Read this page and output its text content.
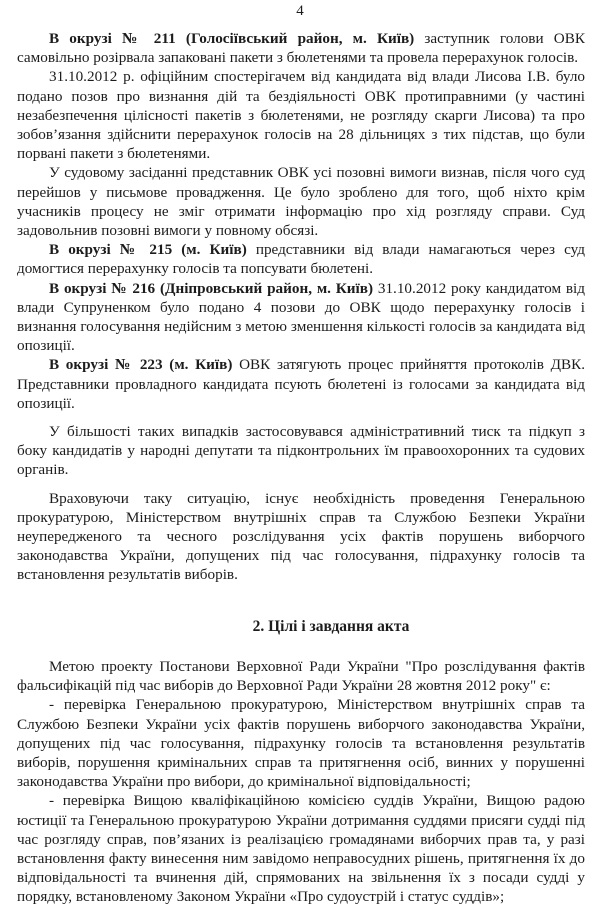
4

В окрузі № 211 (Голосіївський район, м. Київ) заступник голови ОВК самовільно розірвала запаковані пакети з бюлетенями та провела перерахунок голосів.

31.10.2012 р. офіційним спостерігачем від кандидата від влади Лисова І.В. було подано позов про визнання дій та бездіяльності ОВК протиправними (у частині незабезпечення цілісності пакетів з бюлетенями, не розгляду скарги Лисова) та про зобов’язання здійснити перерахунок голосів на 28 дільницях з тих підстав, що були порвані пакети з бюлетенями.

У судовому засіданні представник ОВК усі позовні вимоги визнав, після чого суд перейшов у письмове провадження. Це було зроблено для того, щоб ніхто крім учасників процесу не зміг отримати інформацію про хід розгляду справи. Суд задовольнив позовні вимоги у повному обсязі.

В окрузі № 215 (м. Київ) представники від влади намагаються через суд домогтися перерахунку голосів та попсувати бюлетені.

В окрузі № 216 (Дніпровський район, м. Київ) 31.10.2012 року кандидатом від влади Супруненком було подано 4 позови до ОВК щодо перерахунку голосів і визнання голосування недійсним з метою зменшення кількості голосів за кандидата від опозиції.

В окрузі № 223 (м. Київ) ОВК затягують процес прийняття протоколів ДВК. Представники провладного кандидата псують бюлетені із голосами за кандидата від опозиції.

У більшості таких випадків застосовувався адміністративний тиск та підкуп з боку кандидатів у народні депутати та підконтрольних їм правоохоронних та судових органів.

Враховуючи таку ситуацію, існує необхідність проведення Генеральною прокуратурою, Міністерством внутрішніх справ та Службою Безпеки України неупередженого та чесного розслідування усіх фактів порушень виборчого законодавства України, допущених під час голосування, підрахунку голосів та встановлення результатів виборів.

2. Цілі і завдання акта

Метою проекту Постанови Верховної Ради України "Про розслідування фактів фальсифікацій під час виборів до Верховної Ради України 28 жовтня 2012 року" є:

- перевірка Генеральною прокуратурою, Міністерством внутрішніх справ та Службою Безпеки України усіх фактів порушень виборчого законодавства України, допущених під час голосування, підрахунку голосів та встановлення результатів виборів, порушення кримінальних справ та притягнення осіб, винних у порушенні законодавства України про вибори, до кримінальної відповідальності;

- перевірка Вищою кваліфікаційною комісією суддів України, Вищою радою юстиції та Генеральною прокуратурою України дотримання суддями присяги судді під час розгляду справ, пов’язаних із реалізацією громадянами виборчих прав та, у разі встановлення факту винесення ним завідомо неправосудних рішень, притягнення їх до відповідальності та вчинення дій, спрямованих на звільнення їх з посади судді у порядку, встановленому Законом України «Про судоустрій і статус суддів»;
